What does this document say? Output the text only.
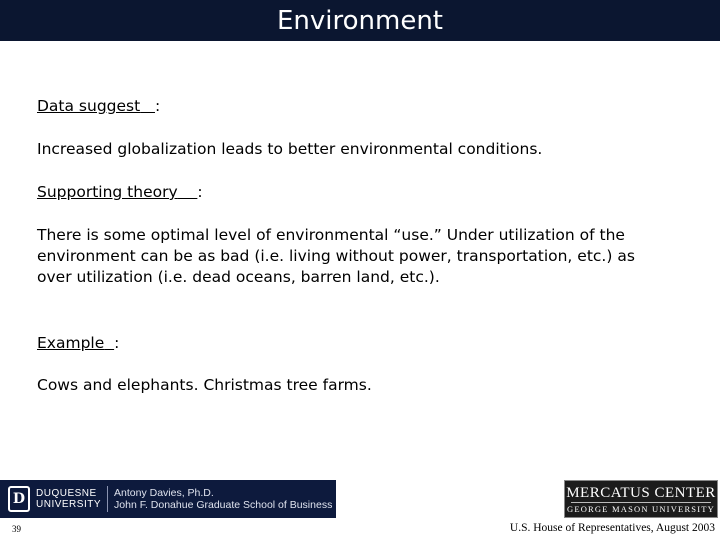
Environment
Data suggest :
Increased globalization leads to better environmental conditions.
Supporting theory :
There is some optimal level of environmental “use.” Under utilization of the environment can be as bad (i.e. living without power, transportation, etc.) as over utilization (i.e. dead oceans, barren land, etc.).
Example :
Cows and elephants. Christmas tree farms.
D	DUQUESNE
UNIVERSITY
Antony Davies, Ph.D.
John F. Donahue Graduate School of Business
MERCATUS CENTER
GEORGE MASON UNIVERSITY
39	U.S. House of Representatives, August 2003
